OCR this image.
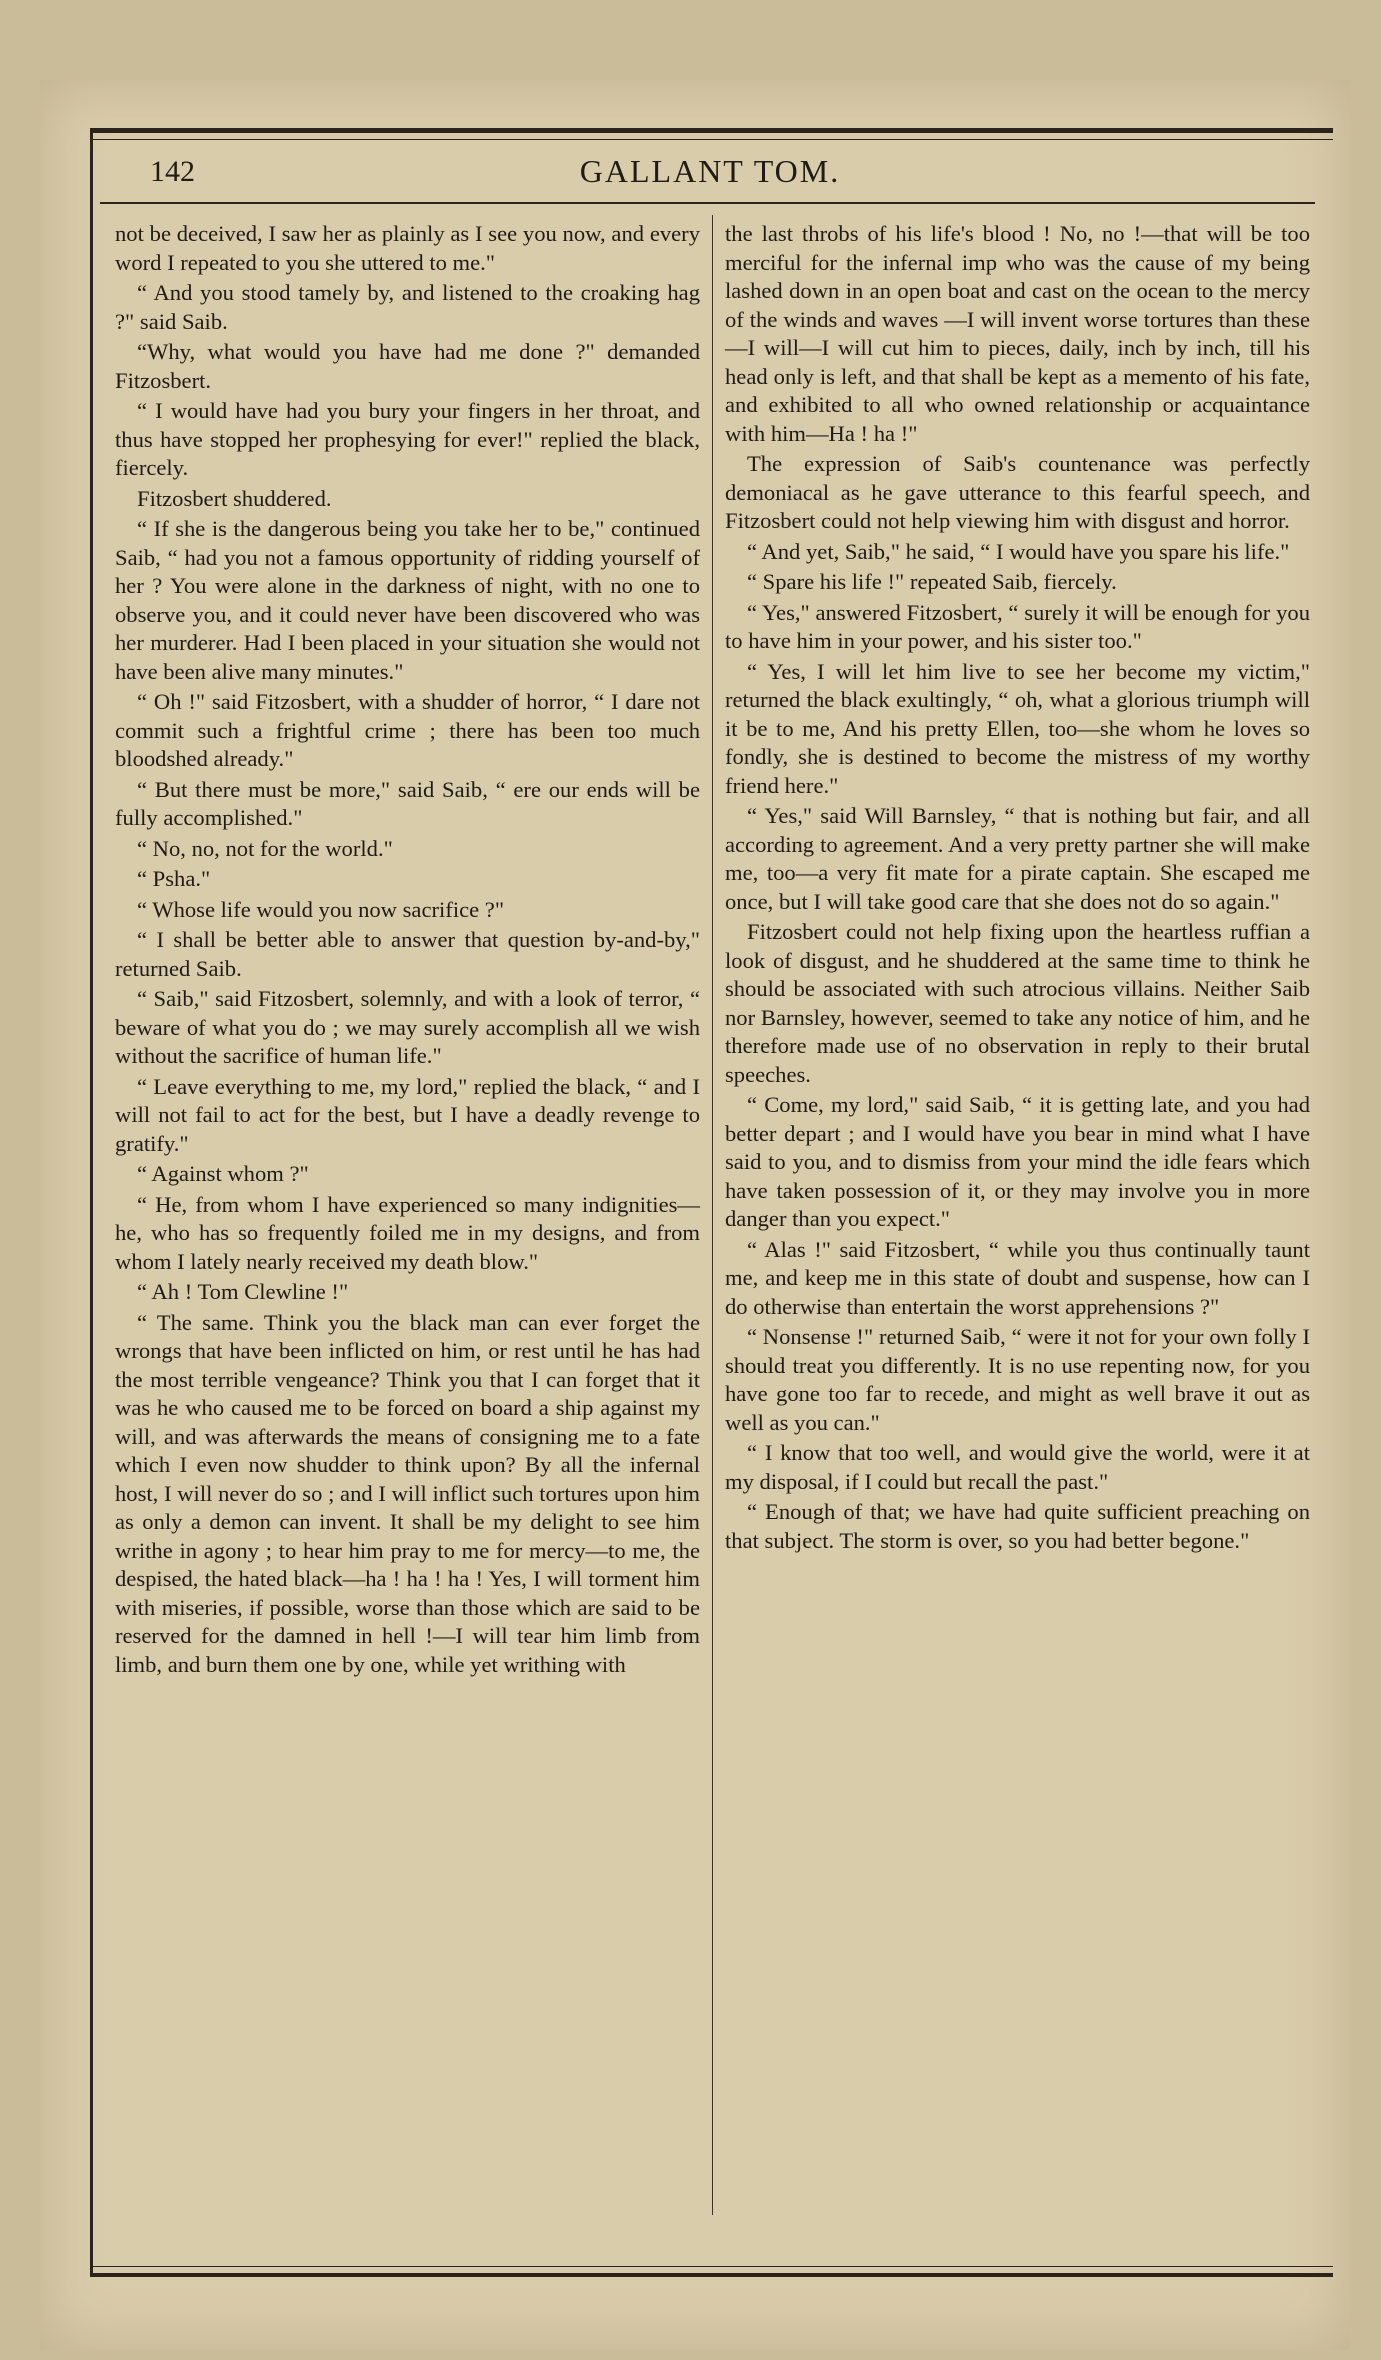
142	GALLANT TOM.

not be deceived, I saw her as plainly as I see you now, and every word I repeated to you she uttered to me."

“ And you stood tamely by, and listened to the croaking hag ?" said Saib.

“Why, what would you have had me done ?" demanded Fitzosbert.

“ I would have had you bury your fingers in her throat, and thus have stopped her prophesying for ever!" replied the black, fiercely.

Fitzosbert shuddered.

“ If she is the dangerous being you take her to be," continued Saib, “ had you not a famous opportunity of ridding yourself of her ? You were alone in the darkness of night, with no one to observe you, and it could never have been discovered who was her murderer. Had I been placed in your situation she would not have been alive many minutes."

“ Oh !" said Fitzosbert, with a shudder of horror, “ I dare not commit such a frightful crime ; there has been too much bloodshed already."

“ But there must be more," said Saib, “ ere our ends will be fully accomplished."

“ No, no, not for the world."

“ Psha."

“ Whose life would you now sacrifice ?"

“ I shall be better able to answer that question by-and-by," returned Saib.

“ Saib," said Fitzosbert, solemnly, and with a look of terror, “ beware of what you do ; we may surely accomplish all we wish without the sacrifice of human life."

“ Leave everything to me, my lord," replied the black, “ and I will not fail to act for the best, but I have a deadly revenge to gratify."

“ Against whom ?"

“ He, from whom I have experienced so many indignities—he, who has so frequently foiled me in my designs, and from whom I lately nearly received my death blow."

“ Ah ! Tom Clewline !"

“ The same. Think you the black man can ever forget the wrongs that have been inflicted on him, or rest until he has had the most terrible vengeance? Think you that I can forget that it was he who caused me to be forced on board a ship against my will, and was afterwards the means of consigning me to a fate which I even now shudder to think upon? By all the infernal host, I will never do so ; and I will inflict such tortures upon him as only a demon can invent. It shall be my delight to see him writhe in agony ; to hear him pray to me for mercy—to me, the despised, the hated black—ha ! ha ! ha ! Yes, I will torment him with miseries, if possible, worse than those which are said to be reserved for the damned in hell !—I will tear him limb from limb, and burn them one by one, while yet writhing with

the last throbs of his life's blood ! No, no !—that will be too merciful for the infernal imp who was the cause of my being lashed down in an open boat and cast on the ocean to the mercy of the winds and waves —I will invent worse tortures than these—I will—I will cut him to pieces, daily, inch by inch, till his head only is left, and that shall be kept as a memento of his fate, and exhibited to all who owned relationship or acquaintance with him—Ha ! ha !"

The expression of Saib's countenance was perfectly demoniacal as he gave utterance to this fearful speech, and Fitzosbert could not help viewing him with disgust and horror.

“ And yet, Saib," he said, “ I would have you spare his life."

“ Spare his life !" repeated Saib, fiercely.

“ Yes," answered Fitzosbert, “ surely it will be enough for you to have him in your power, and his sister too."

“ Yes, I will let him live to see her become my victim," returned the black exultingly, “ oh, what a glorious triumph will it be to me, And his pretty Ellen, too—she whom he loves so fondly, she is destined to become the mistress of my worthy friend here."

“ Yes," said Will Barnsley, “ that is nothing but fair, and all according to agreement. And a very pretty partner she will make me, too—a very fit mate for a pirate captain. She escaped me once, but I will take good care that she does not do so again."

Fitzosbert could not help fixing upon the heartless ruffian a look of disgust, and he shuddered at the same time to think he should be associated with such atrocious villains. Neither Saib nor Barnsley, however, seemed to take any notice of him, and he therefore made use of no observation in reply to their brutal speeches.

“ Come, my lord," said Saib, “ it is getting late, and you had better depart ; and I would have you bear in mind what I have said to you, and to dismiss from your mind the idle fears which have taken possession of it, or they may involve you in more danger than you expect."

“ Alas !" said Fitzosbert, “ while you thus continually taunt me, and keep me in this state of doubt and suspense, how can I do otherwise than entertain the worst apprehensions ?"

“ Nonsense !" returned Saib, “ were it not for your own folly I should treat you differently. It is no use repenting now, for you have gone too far to recede, and might as well brave it out as well as you can."

“ I know that too well, and would give the world, were it at my disposal, if I could but recall the past."

“ Enough of that; we have had quite sufficient preaching on that subject. The storm is over, so you had better begone."
